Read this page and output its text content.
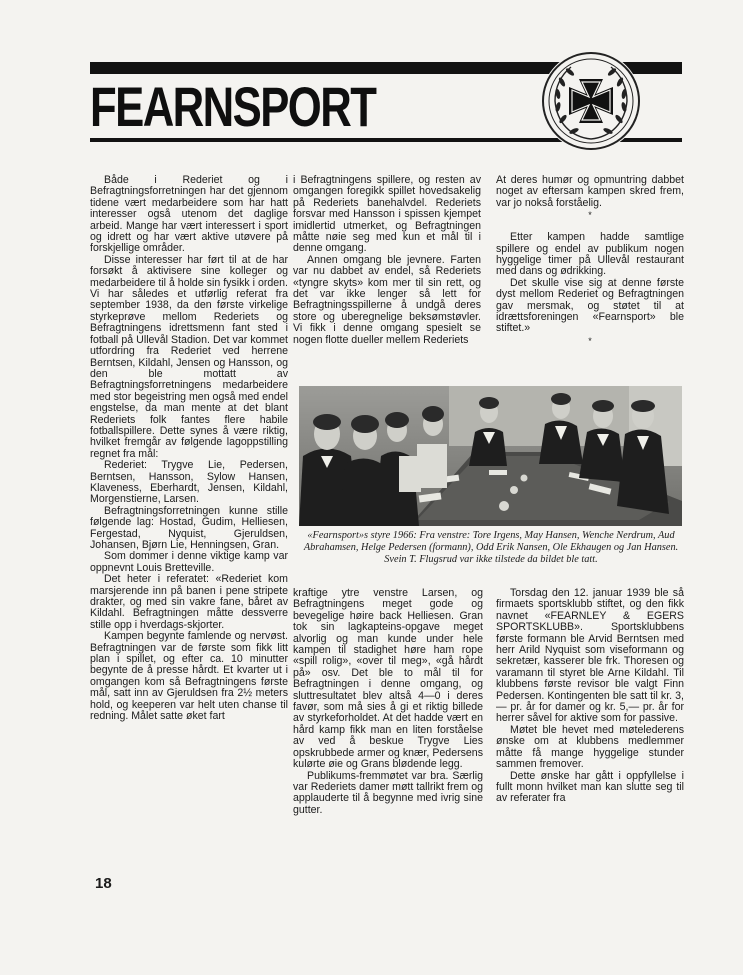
FEARNSPORT

Både i Rederiet og i Befragtningsforretningen har det gjennom tidene vært medarbeidere som har hatt interesser også utenom det daglige arbeid. Mange har vært interessert i sport og idrett og har vært aktive utøvere på forskjellige områder.

Disse interesser har ført til at de har forsøkt å aktivisere sine kolleger og medarbeidere til å holde sin fysikk i orden. Vi har således et utførlig referat fra september 1938, da den første virkelige styrkeprøve mellom Rederiets og Befragtningens idrettsmenn fant sted i fotball på Ullevål Stadion. Det var kommet utfordring fra Rederiet ved herrene Berntsen, Kildahl, Jensen og Hansson, og den ble mottatt av Befragtningsforretningens medarbeidere med stor begeistring men også med endel engstelse, da man mente at det blant Rederiets folk fantes flere habile fotballspillere. Dette synes å være riktig, hvilket fremgår av følgende lagoppstilling regnet fra mål:

Rederiet: Trygve Lie, Pedersen, Berntsen, Hansson, Sylow Hansen, Klaveness, Eberhardt, Jensen, Kildahl, Morgenstierne, Larsen.

Befragtningsforretningen kunne stille følgende lag: Hostad, Gudim, Helliesen, Fergestad, Nyquist, Gjeruldsen, Johansen, Bjørn Lie, Henningsen, Gran.

Som dommer i denne viktige kamp var oppnevnt Louis Bretteville.

Det heter i referatet: «Rederiet kom marsjerende inn på banen i pene stripete drakter, og med sin vakre fane, båret av Kildahl. Befragtningen måtte dessverre stille opp i hverdags-skjorter.

Kampen begynte famlende og nervøst. Befragtningen var de første som fikk litt plan i spillet, og efter ca. 10 minutter begynte de å presse hårdt. Et kvarter ut i omgangen kom så Befragtningens første mål, satt inn av Gjeruldsen fra 2½ meters hold, og keeperen var helt uten chanse til redning. Målet satte øket fart

i Befragtningens spillere, og resten av omgangen foregikk spillet hovedsakelig på Rederiets banehalvdel. Rederiets forsvar med Hansson i spissen kjempet imidlertid utmerket, og Befragtningen måtte nøie seg med kun et mål til i denne omgang.

Annen omgang ble jevnere. Farten var nu dabbet av endel, så Rederiets «tyngre skyts» kom mer til sin rett, og det var ikke lenger så lett for Befragtningsspillerne å undgå deres store og uberegnelige beksømstøvler. Vi fikk i denne omgang spesielt se nogen flotte dueller mellem Rederiets

At deres humør og opmuntring dabbet noget av eftersam kampen skred frem, var jo nokså forståelig.

*

Etter kampen hadde samtlige spillere og endel av publikum nogen hyggelige timer på Ullevål restaurant med dans og ødrikking.

Det skulle vise sig at denne første dyst mellom Rederiet og Befragtningen gav mersmak, og støtet til at idrættsforeningen «Fearnsport» ble stiftet.»

*

«Fearnsport»s styre 1966: Fra venstre: Tore Irgens, May Hansen, Wenche Nerdrum, Aud Abrahamsen, Helge Pedersen (formann), Odd Erik Nansen, Ole Ekhaugen og Jan Hansen. Svein T. Flugsrud var ikke tilstede da bildet ble tatt.

kraftige ytre venstre Larsen, og Befragtningens meget gode og bevegelige høire back Helliesen. Gran tok sin lagkapteins-opgave meget alvorlig og man kunde under hele kampen til stadighet høre ham rope «spill rolig», «over til meg», «gå hårdt på» osv. Det ble to mål til for Befragtningen i denne omgang, og sluttresultatet blev altså 4—0 i deres favør, som må sies å gi et riktig billede av styrkeforholdet. At det hadde vært en hård kamp fikk man en liten forståelse av ved å beskue Trygve Lies opskrubbede armer og knær, Pedersens kulørte øie og Grans blødende legg.

Publikums-fremmøtet var bra. Særlig var Rederiets damer møtt tallrikt frem og applauderte til å begynne med ivrig sine gutter.

Torsdag den 12. januar 1939 ble så firmaets sportsklubb stiftet, og den fikk navnet «FEARNLEY & EGERS SPORTSKLUBB». Sportsklubbens første formann ble Arvid Berntsen med herr Arild Nyquist som viseformann og sekretær, kasserer ble frk. Thoresen og varamann til styret ble Arne Kildahl. Til klubbens første revisor ble valgt Finn Pedersen. Kontingenten ble satt til kr. 3,— pr. år for damer og kr. 5,— pr. år for herrer såvel for aktive som for passive.

Møtet ble hevet med møtelederens ønske om at klubbens medlemmer måtte få mange hyggelige stunder sammen fremover.

Dette ønske har gått i oppfyllelse i fullt monn hvilket man kan slutte seg til av referater fra

18
